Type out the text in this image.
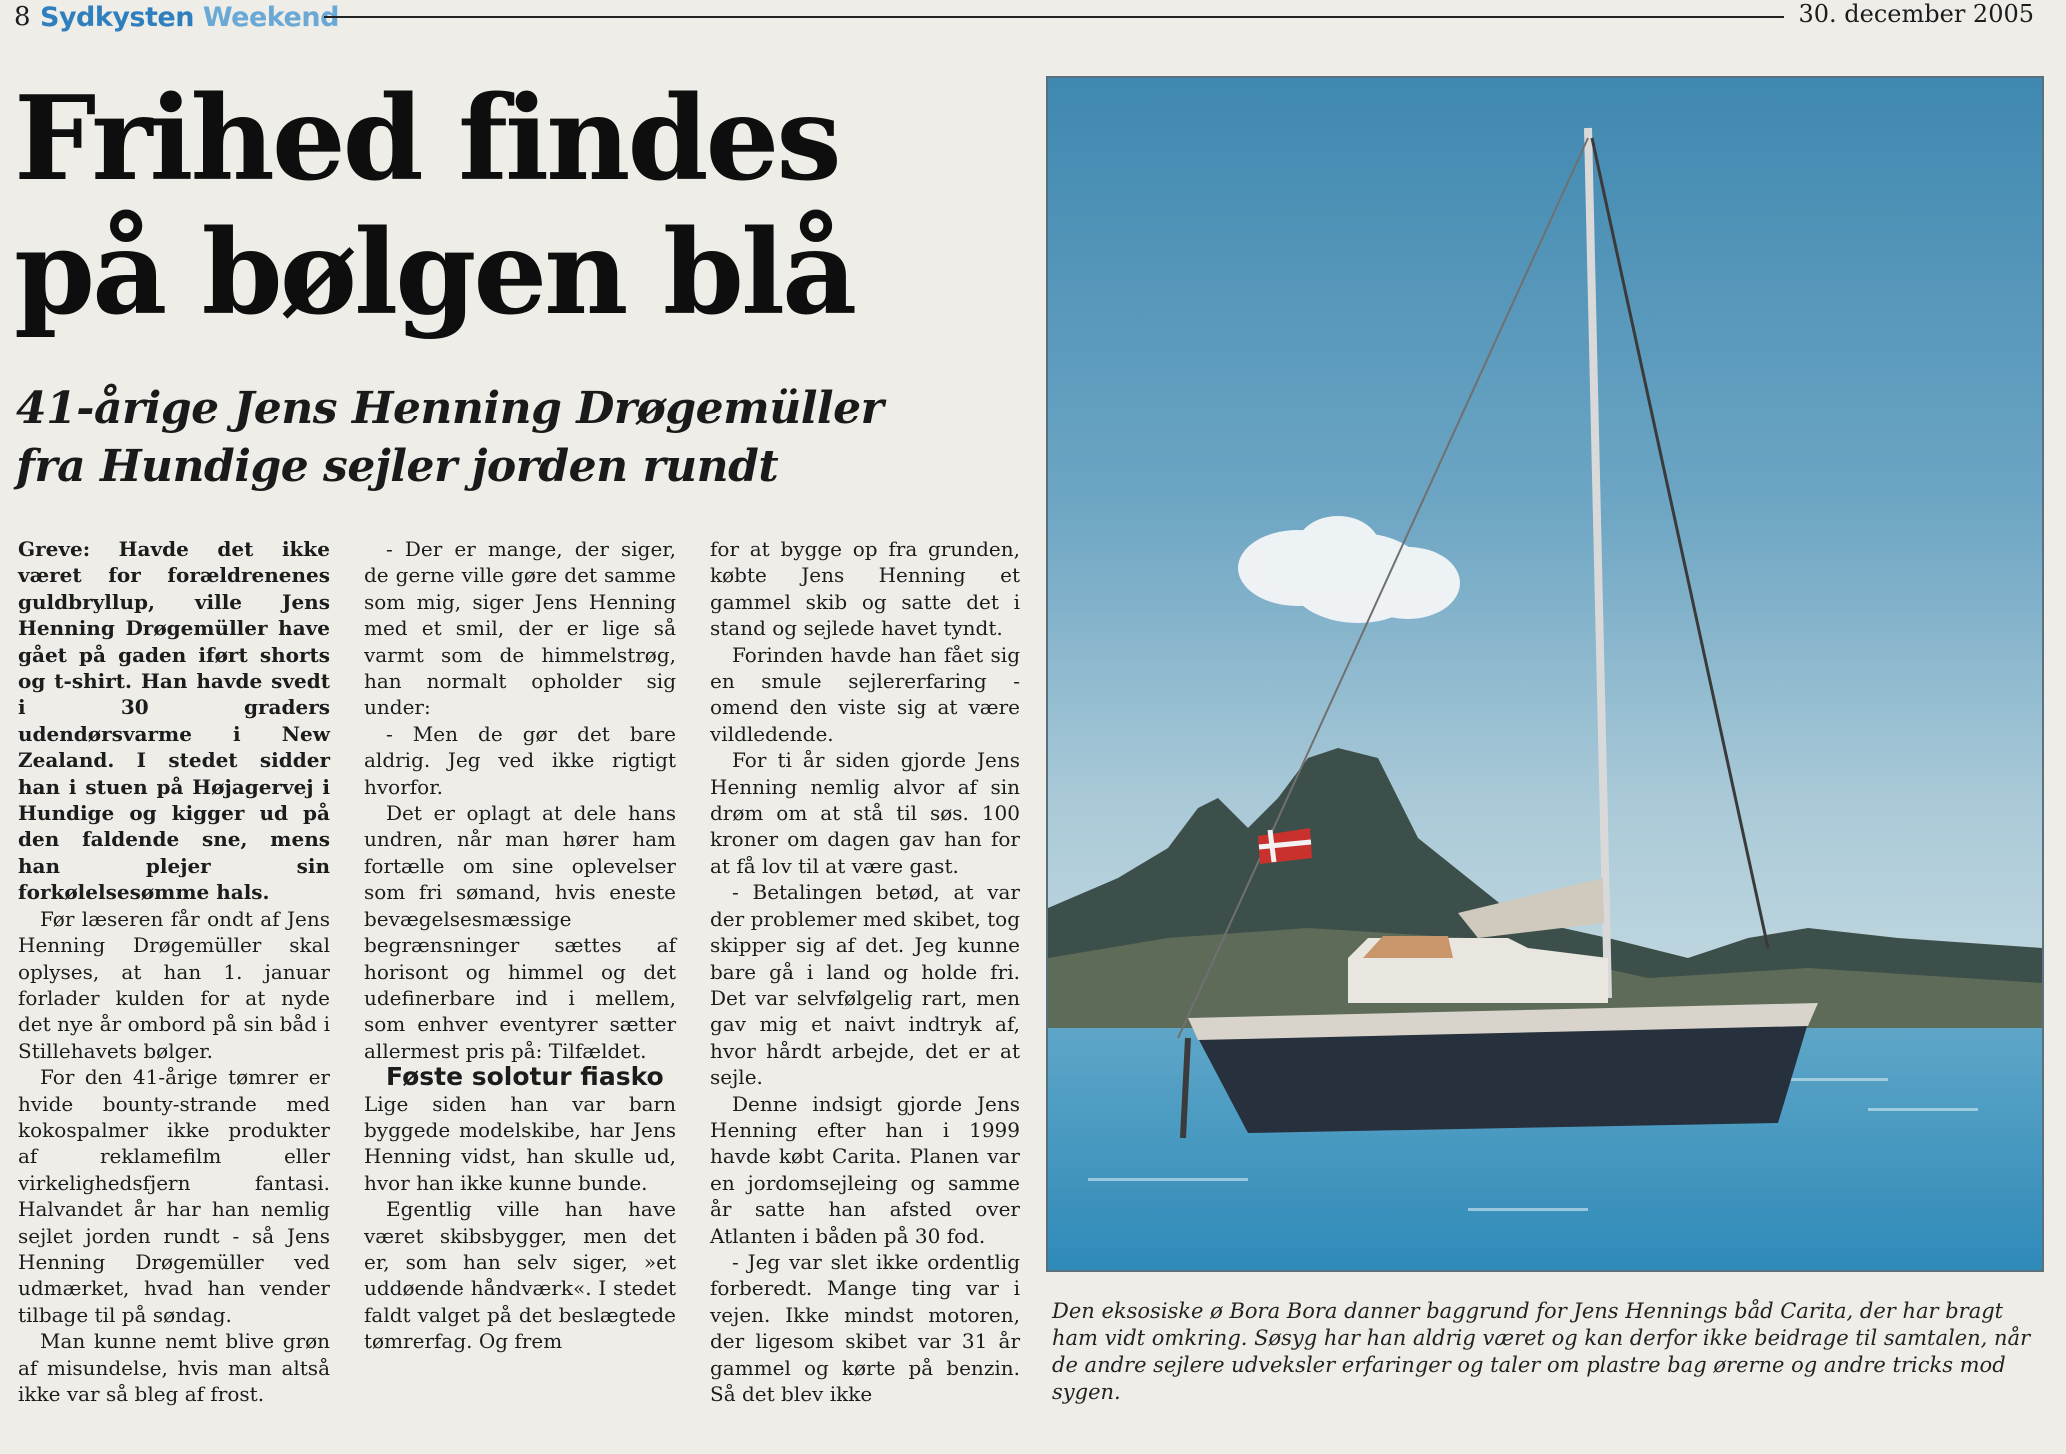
8 Sydkysten Weekend	30. december 2005
Frihed findes
på bølgen blå
41-årige Jens Henning Drøgemüller
fra Hundige sejler jorden rundt

Greve: Havde det ikke været for forældrenenes guldbryllup, ville Jens Henning Drøgemüller have gået på gaden iført shorts og t-shirt. Han havde svedt i 30 graders udendørsvarme i New Zealand. I stedet sidder han i stuen på Højagervej i Hundige og kigger ud på den faldende sne, mens han plejer sin forkølelsesømme hals.

Før læseren får ondt af Jens Henning Drøgemüller skal oplyses, at han 1. januar forlader kulden for at nyde det nye år ombord på sin båd i Stillehavets bølger.

For den 41-årige tømrer er hvide bounty-strande med kokospalmer ikke produkter af reklamefilm eller virkelighedsfjern fantasi. Halvandet år har han nemlig sejlet jorden rundt - så Jens Henning Drøgemüller ved udmærket, hvad han vender tilbage til på søndag.

Man kunne nemt blive grøn af misundelse, hvis man altså ikke var så bleg af frost.

- Der er mange, der siger, de gerne ville gøre det samme som mig, siger Jens Henning med et smil, der er lige så varmt som de himmelstrøg, han normalt opholder sig under:

- Men de gør det bare aldrig. Jeg ved ikke rigtigt hvorfor.

Det er oplagt at dele hans undren, når man hører ham fortælle om sine oplevelser som fri sømand, hvis eneste bevægelsesmæssige begrænsninger sættes af horisont og himmel og det udefinerbare ind i mellem, som enhver eventyrer sætter allermest pris på: Tilfældet.

Føste solotur fiasko

Lige siden han var barn byggede modelskibe, har Jens Henning vidst, han skulle ud, hvor han ikke kunne bunde.

Egentlig ville han have været skibsbygger, men det er, som han selv siger, »et uddøende håndværk«. I stedet faldt valget på det beslægtede tømrerfag. Og frem

for at bygge op fra grunden, købte Jens Henning et gammel skib og satte det i stand og sejlede havet tyndt.

Forinden havde han fået sig en smule sejlererfaring - omend den viste sig at være vildledende.

For ti år siden gjorde Jens Henning nemlig alvor af sin drøm om at stå til søs. 100 kroner om dagen gav han for at få lov til at være gast.

- Betalingen betød, at var der problemer med skibet, tog skipper sig af det. Jeg kunne bare gå i land og holde fri. Det var selvfølgelig rart, men gav mig et naivt indtryk af, hvor hårdt arbejde, det er at sejle.

Denne indsigt gjorde Jens Henning efter han i 1999 havde købt Carita. Planen var en jordomsejleing og samme år satte han afsted over Atlanten i båden på 30 fod.

- Jeg var slet ikke ordentlig forberedt. Mange ting var i vejen. Ikke mindst motoren, der ligesom skibet var 31 år gammel og kørte på benzin. Så det blev ikke

Den eksosiske ø Bora Bora danner baggrund for Jens Hennings båd Carita, der har bragt ham vidt omkring. Søsyg har han aldrig været og kan derfor ikke beidrage til samtalen, når de andre sejlere udveksler erfaringer og taler om plastre bag ørerne og andre tricks mod sygen.
